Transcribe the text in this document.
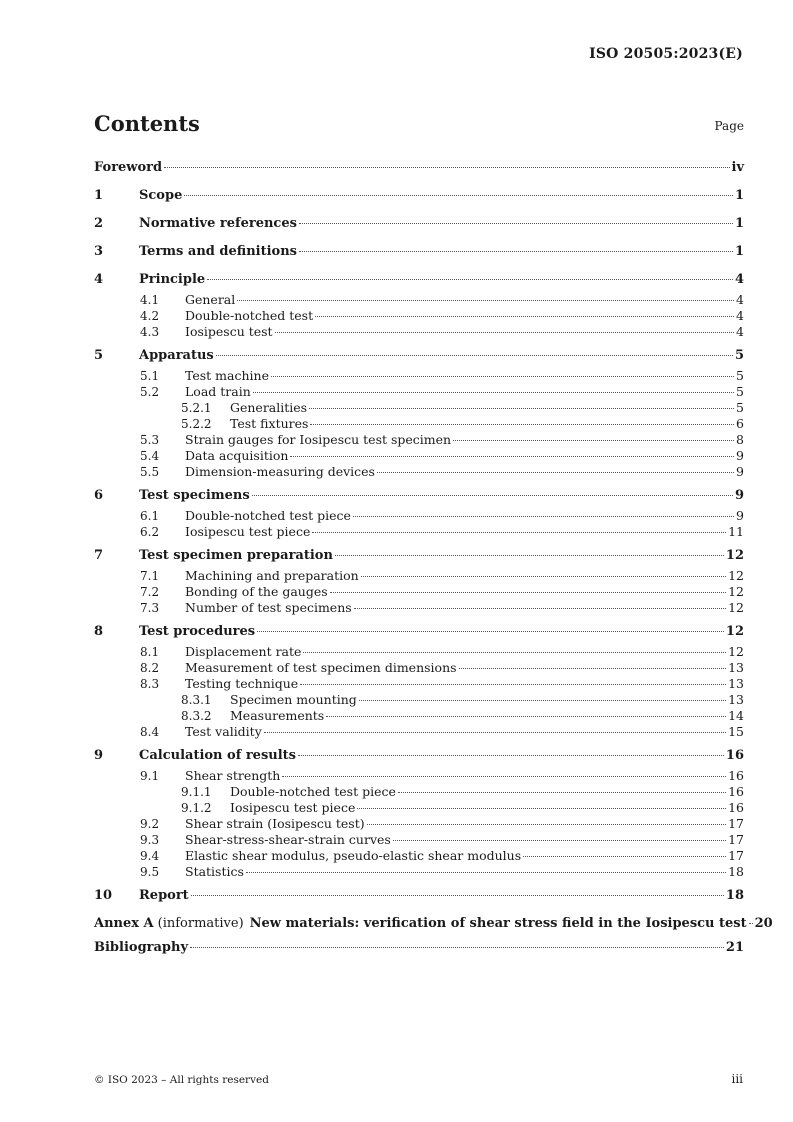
ISO 20505:2023(E)
Contents	Page
Foreword	iv
1	Scope	1
2	Normative references	1
3	Terms and definitions	1
4	Principle	4
4.1	General	4
4.2	Double-notched test	4
4.3	Iosipescu test	4
5	Apparatus	5
5.1	Test machine	5
5.2	Load train	5
5.2.1	Generalities	5
5.2.2	Test fixtures	6
5.3	Strain gauges for Iosipescu test specimen	8
5.4	Data acquisition	9
5.5	Dimension-measuring devices	9
6	Test specimens	9
6.1	Double-notched test piece	9
6.2	Iosipescu test piece	11
7	Test specimen preparation	12
7.1	Machining and preparation	12
7.2	Bonding of the gauges	12
7.3	Number of test specimens	12
8	Test procedures	12
8.1	Displacement rate	12
8.2	Measurement of test specimen dimensions	13
8.3	Testing technique	13
8.3.1	Specimen mounting	13
8.3.2	Measurements	14
8.4	Test validity	15
9	Calculation of results	16
9.1	Shear strength	16
9.1.1	Double-notched test piece	16
9.1.2	Iosipescu test piece	16
9.2	Shear strain (Iosipescu test)	17
9.3	Shear-stress-shear-strain curves	17
9.4	Elastic shear modulus, pseudo-elastic shear modulus	17
9.5	Statistics	18
10	Report	18
Annex A (informative) New materials: verification of shear stress field in the Iosipescu test 20
Bibliography	21
© ISO 2023 – All rights reserved	iii
